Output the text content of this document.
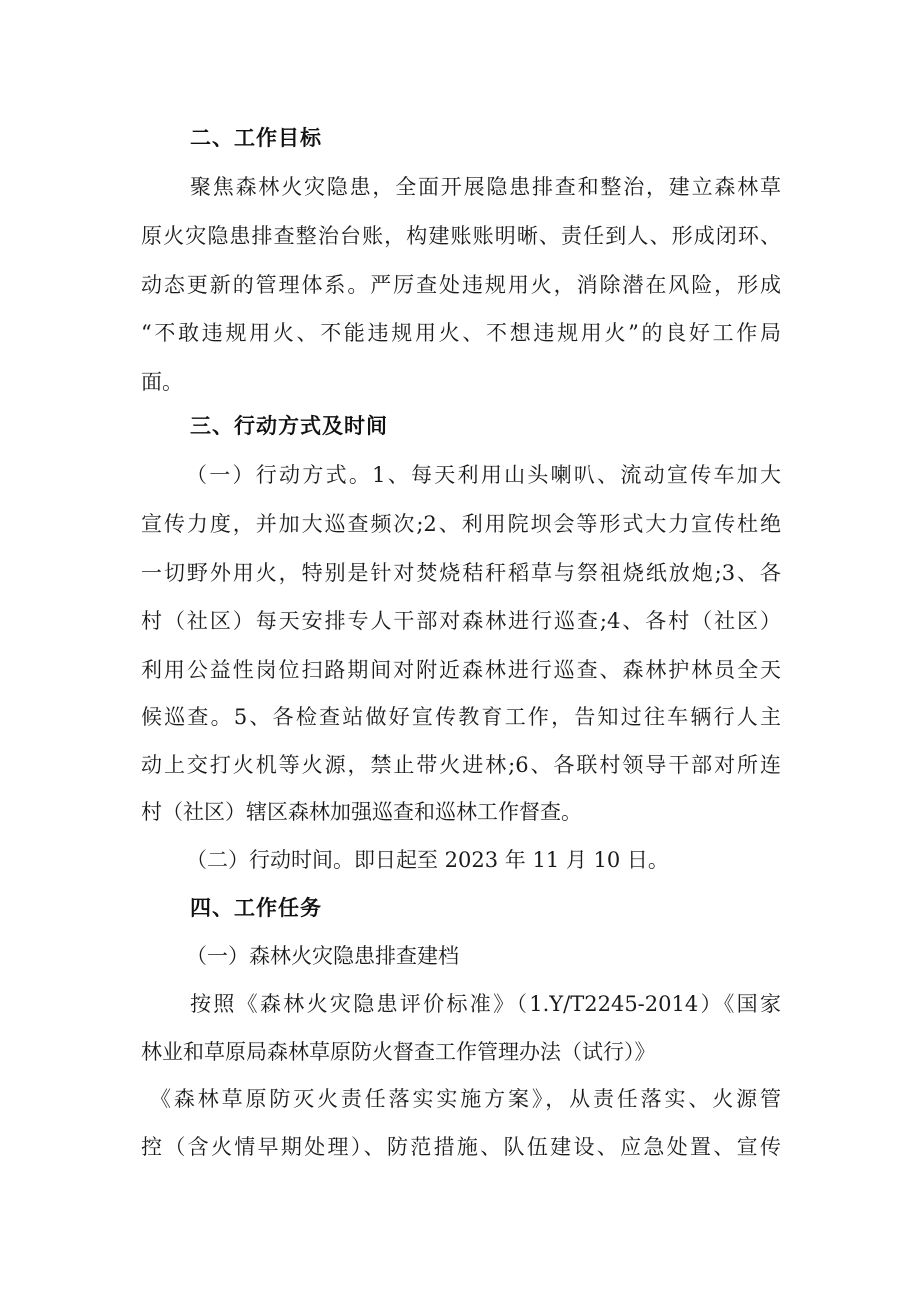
二、工作目标
聚焦森林火灾隐患，全面开展隐患排查和整治，建立森林草
原火灾隐患排查整治台账，构建账账明晰、责任到人、形成闭环、
动态更新的管理体系。严厉查处违规用火，消除潜在风险，形成
“不敢违规用火、不能违规用火、不想违规用火”的良好工作局
面。
三、行动方式及时间
（一）行动方式。1、每天利用山头喇叭、流动宣传车加大
宣传力度，并加大巡查频次;2、利用院坝会等形式大力宣传杜绝
一切野外用火，特别是针对焚烧秸秆稻草与祭祖烧纸放炮;3、各
村（社区）每天安排专人干部对森林进行巡查;4、各村（社区）
利用公益性岗位扫路期间对附近森林进行巡查、森林护林员全天
候巡查。5、各检查站做好宣传教育工作，告知过往车辆行人主
动上交打火机等火源，禁止带火进林;6、各联村领导干部对所连
村（社区）辖区森林加强巡查和巡林工作督查。
（二）行动时间。即日起至 2023 年 11 月 10 日。
四、工作任务
（一）森林火灾隐患排查建档
按照《森林火灾隐患评价标准》（1.Y/T2245-2014）《国家
林业和草原局森林草原防火督查工作管理办法（试行）》
《森林草原防灭火责任落实实施方案》，从责任落实、火源管
控（含火情早期处理）、防范措施、队伍建设、应急处置、宣传
